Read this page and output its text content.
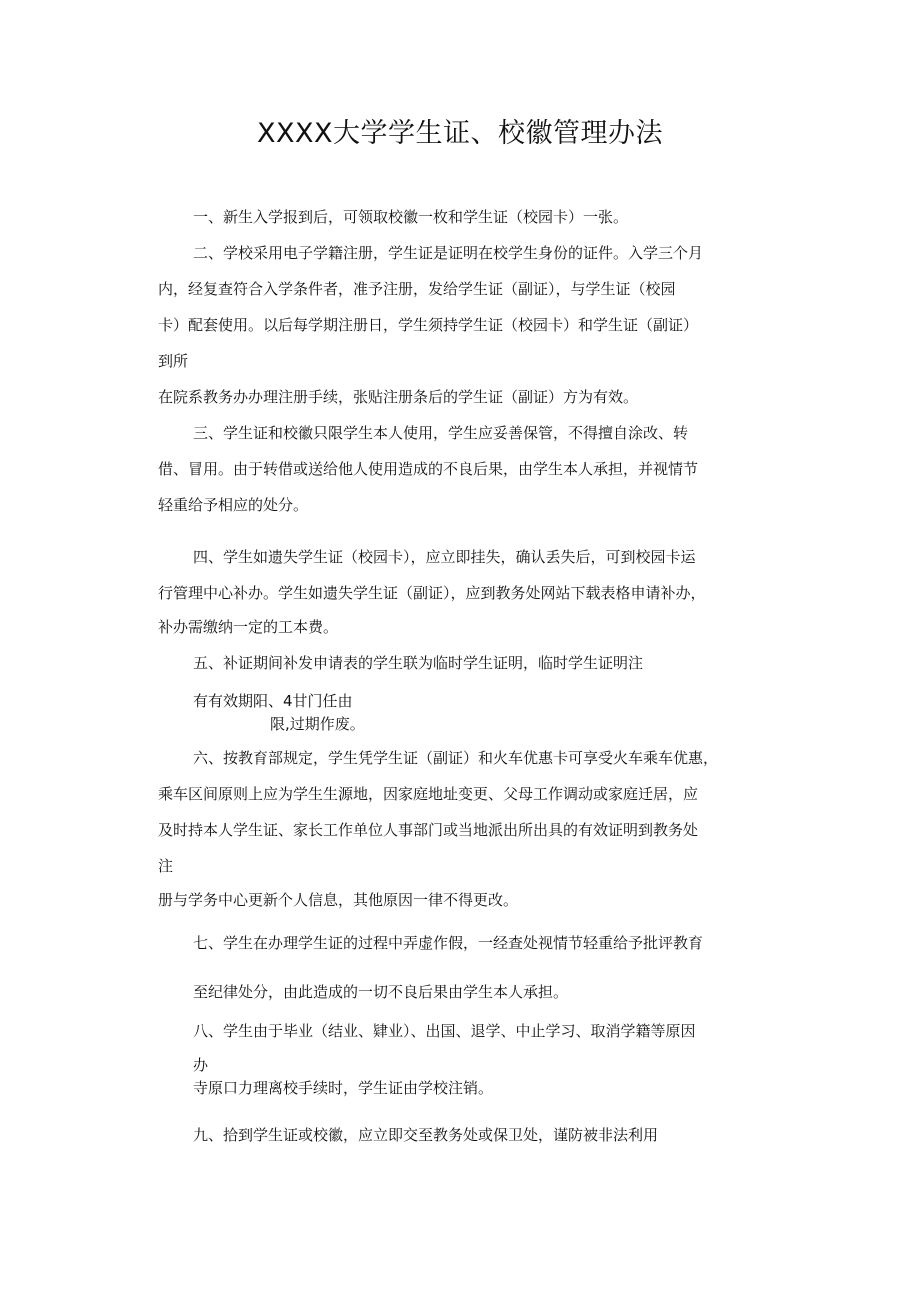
XXXX大学学生证、校徽管理办法

一、新生入学报到后，可领取校徽一枚和学生证（校园卡）一张。

二、学校采用电子学籍注册，学生证是证明在校学生身份的证件。入学三个月

内，经复查符合入学条件者，准予注册，发给学生证（副证），与学生证（校园

卡）配套使用。以后每学期注册日，学生须持学生证（校园卡）和学生证（副证）

到所

在院系教务办办理注册手续，张贴注册条后的学生证（副证）方为有效。

三、学生证和校徽只限学生本人使用，学生应妥善保管，不得擅自涂改、转

借、冒用。由于转借或送给他人使用造成的不良后果，由学生本人承担，并视情节

轻重给予相应的处分。

四、学生如遗失学生证（校园卡），应立即挂失，确认丢失后，可到校园卡运

行管理中心补办。学生如遗失学生证（副证），应到教务处网站下载表格申请补办，

补办需缴纳一定的工本费。

五、补证期间补发申请表的学生联为临时学生证明，临时学生证明注

有有效期阳、4甘门任由

限,过期作废。

六、按教育部规定，学生凭学生证（副证）和火车优惠卡可享受火车乘车优惠，

乘车区间原则上应为学生生源地，因家庭地址变更、父母工作调动或家庭迁居，应

及时持本人学生证、家长工作单位人事部门或当地派出所出具的有效证明到教务处

注

册与学务中心更新个人信息，其他原因一律不得更改。

七、学生在办理学生证的过程中弄虚作假，一经查处视情节轻重给予批评教育

至纪律处分，由此造成的一切不良后果由学生本人承担。

八、学生由于毕业（结业、肄业）、出国、退学、中止学习、取消学籍等原因

办

寺原口力理离校手续时，学生证由学校注销。

九、拾到学生证或校徽，应立即交至教务处或保卫处，谨防被非法利用
